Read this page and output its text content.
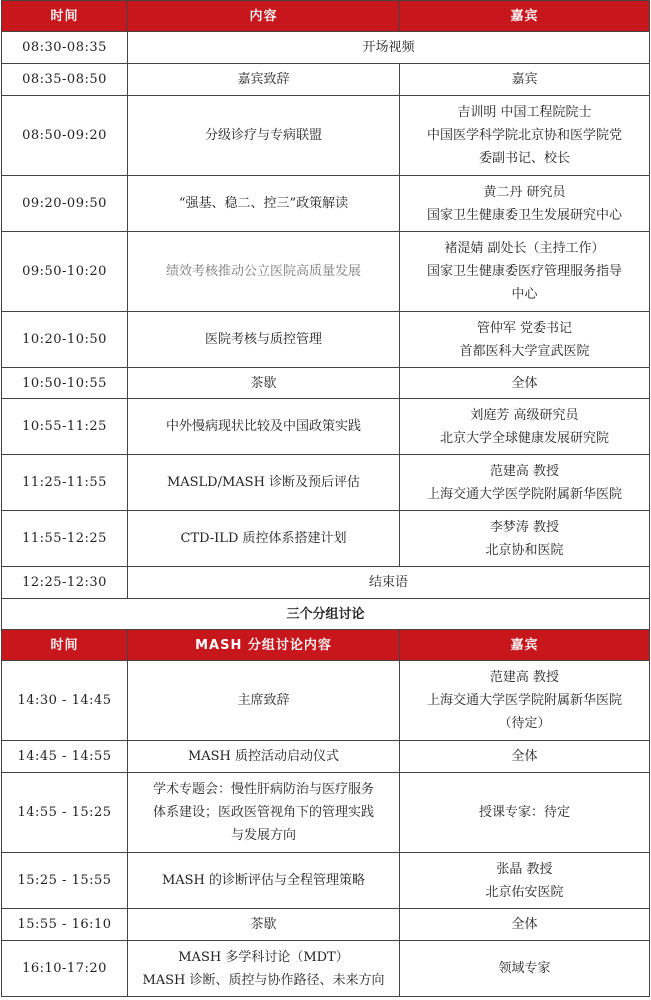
时间	内容	嘉宾
08:30-08:35	开场视频	
08:35-08:50	嘉宾致辞	嘉宾

08:50-09:20	分级诊疗与专病联盟	吉训明 中国工程院院士
中国医学科学院北京协和医学院党
委副书记、校长

09:20-09:50	“强基、稳二、控三”政策解读	黄二丹 研究员
国家卫生健康委卫生发展研究中心

09:50-10:20	绩效考核推动公立医院高质量发展	褚湜婧 副处长（主持工作）
国家卫生健康委医疗管理服务指导
中心

10:20-10:50	医院考核与质控管理	管仲军 党委书记
首都医科大学宣武医院

10:50-10:55	茶歇	全体

10:55-11:25	中外慢病现状比较及中国政策实践	刘庭芳 高级研究员
北京大学全球健康发展研究院

11:25-11:55	MASLD/MASH 诊断及预后评估	范建高 教授
上海交通大学医学院附属新华医院

11:55-12:25	CTD-ILD 质控体系搭建计划	李梦涛 教授
北京协和医院

12:25-12:30	结束语	
三个分组讨论		
时间	MASH 分组讨论内容	嘉宾
14:30 - 14:45	主席致辞	范建高 教授
上海交通大学医学院附属新华医院
（待定）

14:45 - 14:55	MASH 质控活动启动仪式	全体

14:55 - 15:25	学术专题会：慢性肝病防治与医疗服务
体系建设；医政医管视角下的管理实践
与发展方向	授课专家：待定

15:25 - 15:55	MASH 的诊断评估与全程管理策略	张晶 教授
北京佑安医院

15:55 - 16:10	茶歇	全体

16:10-17:20	MASH 多学科讨论（MDT）
MASH 诊断、质控与协作路径、未来方向	领域专家
